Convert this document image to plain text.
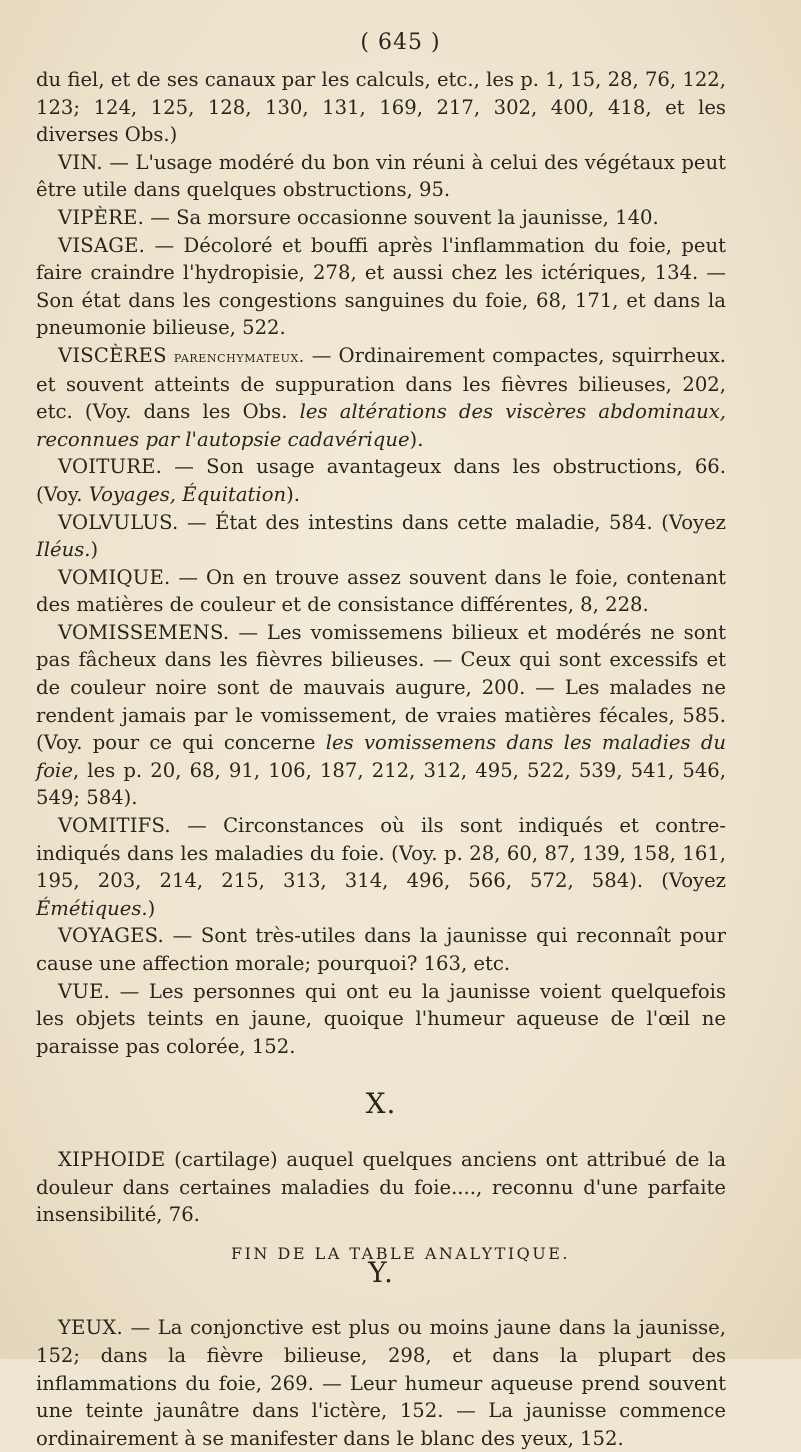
( 645 )

du fiel, et de ses canaux par les calculs, etc., les p. 1, 15, 28, 76, 122, 123; 124, 125, 128, 130, 131, 169, 217, 302, 400, 418, et les diverses Obs.)

VIN. — L'usage modéré du bon vin réuni à celui des végétaux peut être utile dans quelques obstructions, 95.

VIPÈRE. — Sa morsure occasionne souvent la jaunisse, 140.

VISAGE. — Décoloré et bouffi après l'inflammation du foie, peut faire craindre l'hydropisie, 278, et aussi chez les ictériques, 134. — Son état dans les congestions sanguines du foie, 68, 171, et dans la pneumonie bilieuse, 522.

VISCÈRES parenchymateux. — Ordinairement compactes, squirrheux. et souvent atteints de suppuration dans les fièvres bilieuses, 202, etc. (Voy. dans les Obs. les altérations des viscères abdominaux, reconnues par l'autopsie cadavérique).

VOITURE. — Son usage avantageux dans les obstructions, 66. (Voy. Voyages, Équitation).

VOLVULUS. — État des intestins dans cette maladie, 584. (Voyez Iléus.)

VOMIQUE. — On en trouve assez souvent dans le foie, contenant des matières de couleur et de consistance différentes, 8, 228.

VOMISSEMENS. — Les vomissemens bilieux et modérés ne sont pas fâcheux dans les fièvres bilieuses. — Ceux qui sont excessifs et de couleur noire sont de mauvais augure, 200. — Les malades ne rendent jamais par le vomissement, de vraies matières fécales, 585. (Voy. pour ce qui concerne les vomissemens dans les maladies du foie, les p. 20, 68, 91, 106, 187, 212, 312, 495, 522, 539, 541, 546, 549; 584).

VOMITIFS. — Circonstances où ils sont indiqués et contre-indiqués dans les maladies du foie. (Voy. p. 28, 60, 87, 139, 158, 161, 195, 203, 214, 215, 313, 314, 496, 566, 572, 584). (Voyez Émétiques.)

VOYAGES. — Sont très-utiles dans la jaunisse qui reconnaît pour cause une affection morale; pourquoi? 163, etc.

VUE. — Les personnes qui ont eu la jaunisse voient quelquefois les objets teints en jaune, quoique l'humeur aqueuse de l'œil ne paraisse pas colorée, 152.

X.

XIPHOIDE (cartilage) auquel quelques anciens ont attribué de la douleur dans certaines maladies du foie...., reconnu d'une parfaite insensibilité, 76.

Y.

YEUX. — La conjonctive est plus ou moins jaune dans la jaunisse, 152; dans la fièvre bilieuse, 298, et dans la plupart des inflammations du foie, 269. — Leur humeur aqueuse prend souvent une teinte jaunâtre dans l'ictère, 152. — La jaunisse commence ordinairement à se manifester dans le blanc des yeux, 152.

FIN DE LA TABLE ANALYTIQUE.
